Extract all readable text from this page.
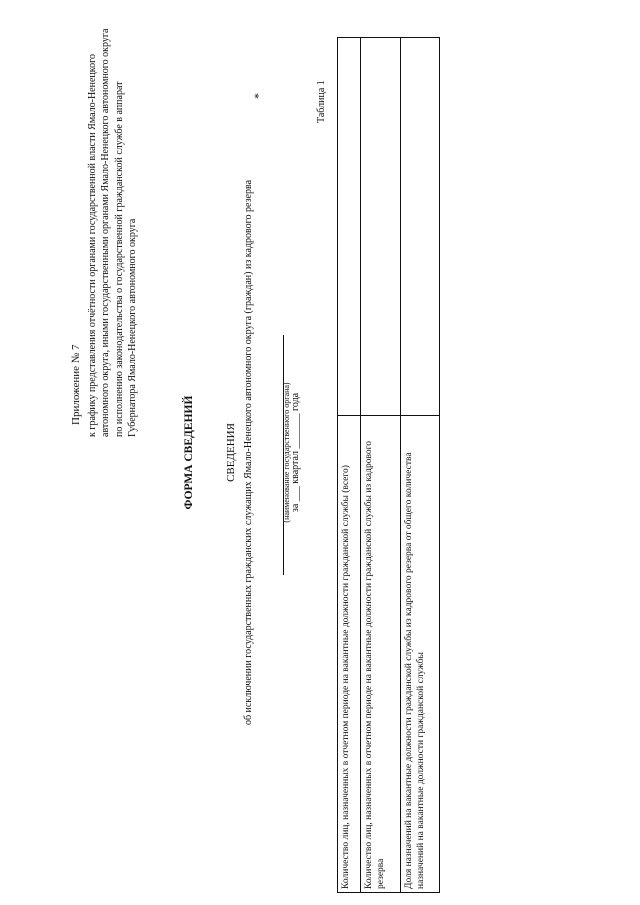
Приложение № 7 к графику представления отчётности органами государственной власти Ямало-Ненецкого автономного округа, иными государственными органами Ямало-Ненецкого автономного округа по исполнению законодательства о государственной гражданской службе в аппарат Губернатора Ямало-Ненецкого автономного округа
ФОРМА СВЕДЕНИЙ	СВЕДЕНИЯ об исключении государственных гражданских служащих Ямало-Ненецкого автономного округа (граждан) из кадрового резерва
*
(наименование государственного органа) за ___ квартал _______ года
Таблица 1
Количество лиц, назначенных в отчетном периоде на вакантные должности гражданской службы (всего)	
Количество лиц, назначенных в отчетном периоде на вакантные должности гражданской службы из кадрового резерва	
Доля назначений на вакантные должности гражданской службы из кадрового резерва от общего количества назначений на вакантные должности гражданской службы	
